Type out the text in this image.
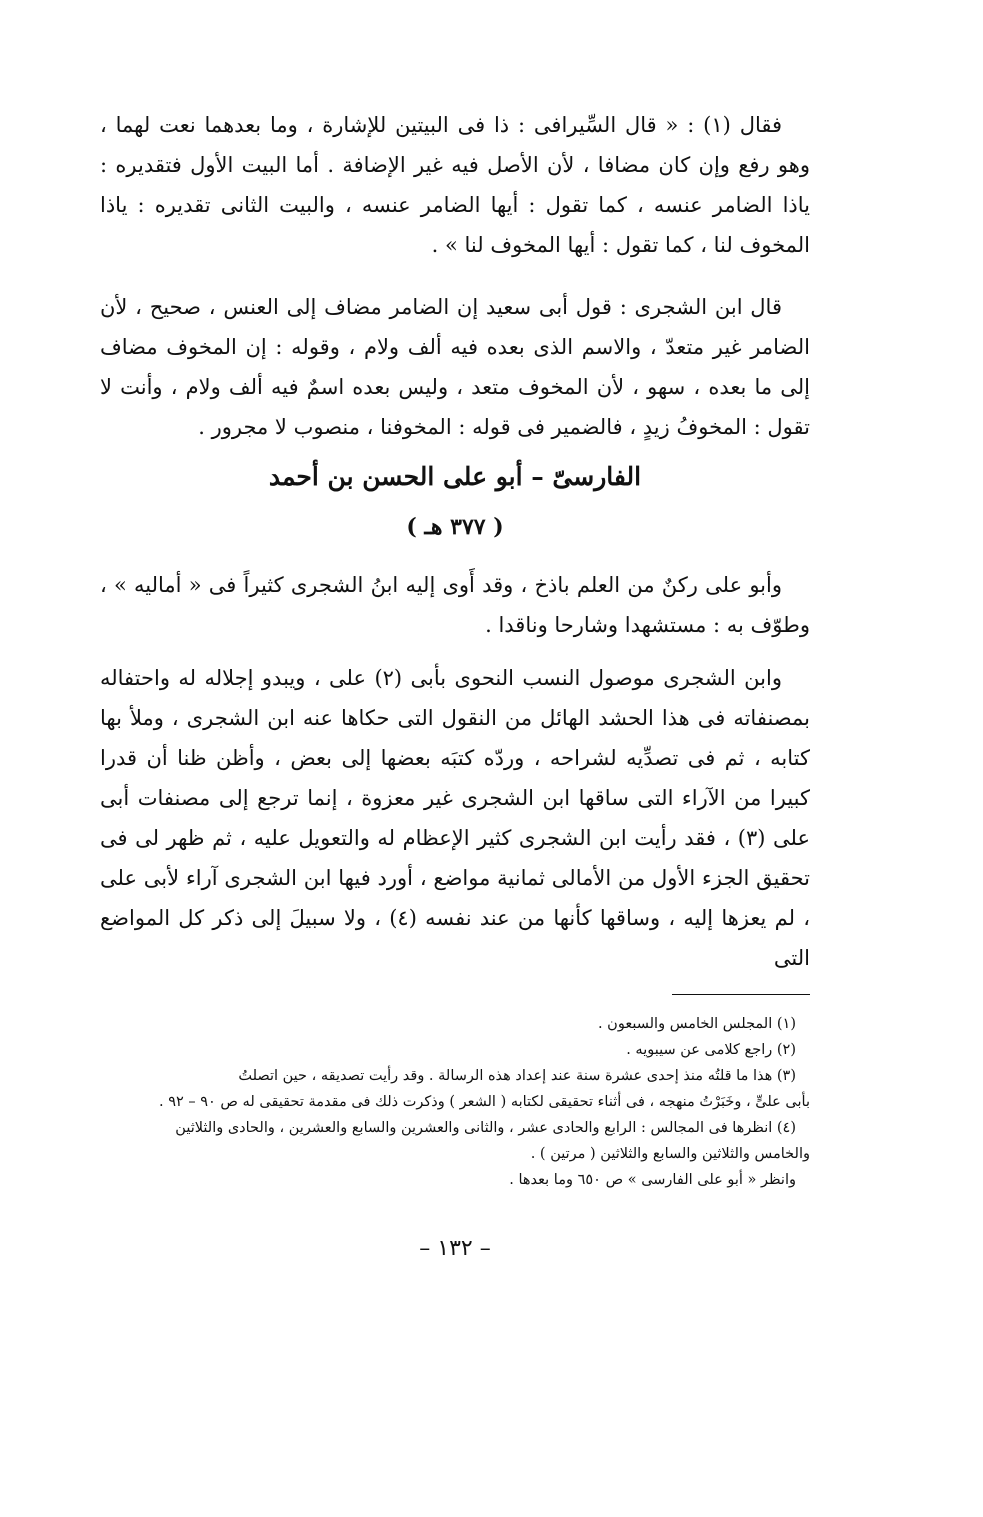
فقال (١) : « قال السِّيرافى : ذا فى البيتين للإشارة ، وما بعدهما نعت لهما ، وهو رفع وإن كان مضافا ، لأن الأصل فيه غير الإضافة . أما البيت الأول فتقديره : ياذا الضامر عنسه ، كما تقول : أيها الضامر عنسه ، والبيت الثانى تقديره : ياذا المخوف لنا ، كما تقول : أيها المخوف لنا » .

قال ابن الشجرى : قول أبى سعيد إن الضامر مضاف إلى العنس ، صحيح ، لأن الضامر غير متعدّ ، والاسم الذى بعده فيه ألف ولام ، وقوله : إن المخوف مضاف إلى ما بعده ، سهو ، لأن المخوف متعد ، وليس بعده اسمٌ فيه ألف ولام ، وأنت لا تقول : المخوفُ زيدٍ ، فالضمير فى قوله : المخوفنا ، منصوب لا مجرور .

الفارسىّ – أبو على الحسن بن أحمد
( ٣٧٧ هـ )

وأبو على ركنٌ من العلم باذخ ، وقد أَوى إليه ابنُ الشجرى كثيراً فى « أماليه » ، وطوّف به : مستشهدا وشارحا وناقدا .

وابن الشجرى موصول النسب النحوى بأبى (٢) على ، ويبدو إجلاله له واحتفاله بمصنفاته فى هذا الحشد الهائل من النقول التى حكاها عنه ابن الشجرى ، وملأ بها كتابه ، ثم فى تصدِّيه لشراحه ، وردّه كتبَه بعضها إلى بعض ، وأظن ظنا أن قدرا كبيرا من الآراء التى ساقها ابن الشجرى غير معزوة ، إنما ترجع إلى مصنفات أبى على (٣) ، فقد رأيت ابن الشجرى كثير الإعظام له والتعويل عليه ، ثم ظهر لى فى تحقيق الجزء الأول من الأمالى ثمانية مواضع ، أورد فيها ابن الشجرى آراء لأبى على ، لم يعزها إليه ، وساقها كأنها من عند نفسه (٤) ، ولا سبيلَ إلى ذكر كل المواضع التى

(١) المجلس الخامس والسبعون .

(٢) راجع كلامى عن سيبويه .

(٣) هذا ما قلتُه منذ إحدى عشرة سنة عند إعداد هذه الرسالة . وقد رأيت تصديقه ، حين اتصلتُ

بأبى علىٍّ ، وخَبَرْتُ منهجه ، فى أثناء تحقيقى لكتابه ( الشعر ) وذكرت ذلك فى مقدمة تحقيقى له ص ٩٠ – ٩٢ .

(٤) انظرها فى المجالس : الرابع والحادى عشر ، والثانى والعشرين والسابع والعشرين ، والحادى والثلاثين

والخامس والثلاثين والسابع والثلاثين ( مرتين ) .

وانظر « أبو على الفارسى » ص ٦٥٠ وما بعدها .

– ١٣٢ –
